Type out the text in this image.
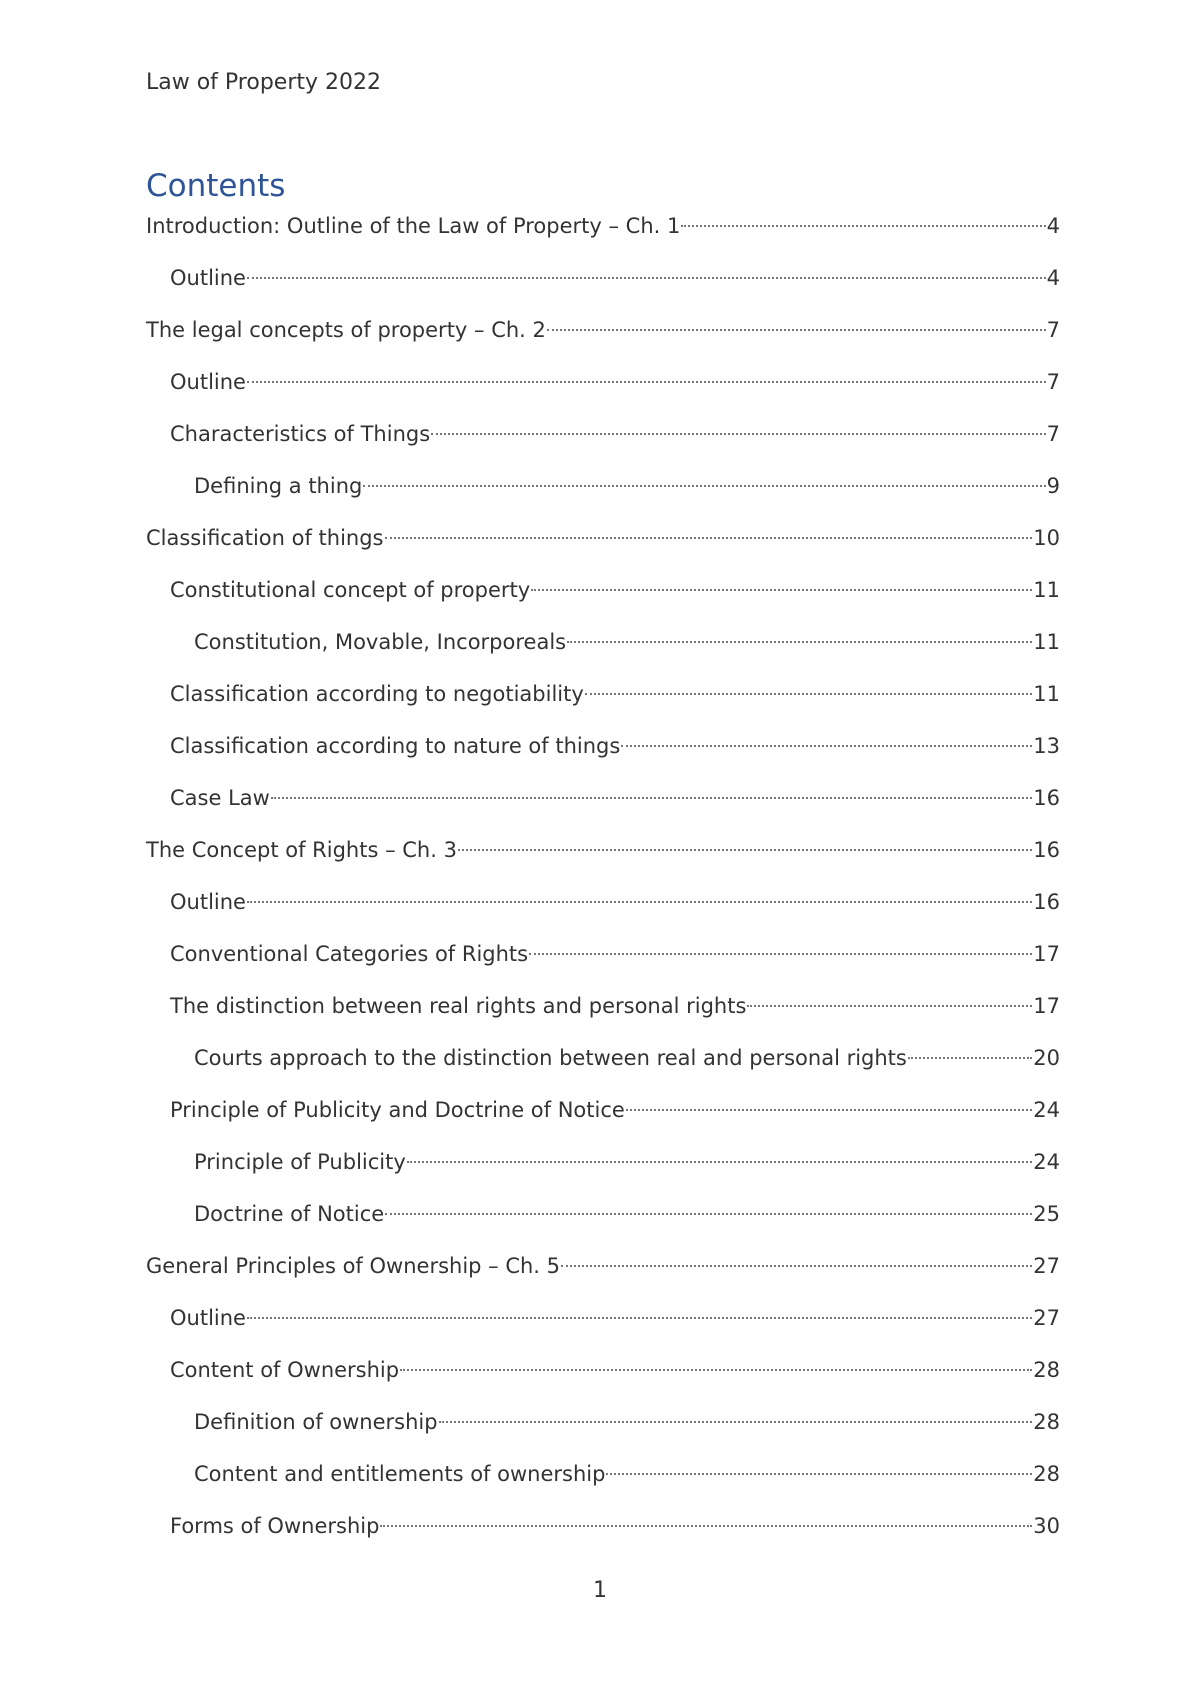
Law of Property 2022
Contents
Introduction: Outline of the Law of Property – Ch. 1	4
Outline	4
The legal concepts of property – Ch. 2	7
Outline	7
Characteristics of Things	7
Defining a thing	9
Classification of things	10
Constitutional concept of property	11
Constitution, Movable, Incorporeals	11
Classification according to negotiability	11
Classification according to nature of things	13
Case Law	16
The Concept of Rights – Ch. 3	16
Outline	16
Conventional Categories of Rights	17
The distinction between real rights and personal rights	17
Courts approach to the distinction between real and personal rights	20
Principle of Publicity and Doctrine of Notice	24
Principle of Publicity	24
Doctrine of Notice	25
General Principles of Ownership – Ch. 5	27
Outline	27
Content of Ownership	28
Definition of ownership	28
Content and entitlements of ownership	28
Forms of Ownership	30
1
